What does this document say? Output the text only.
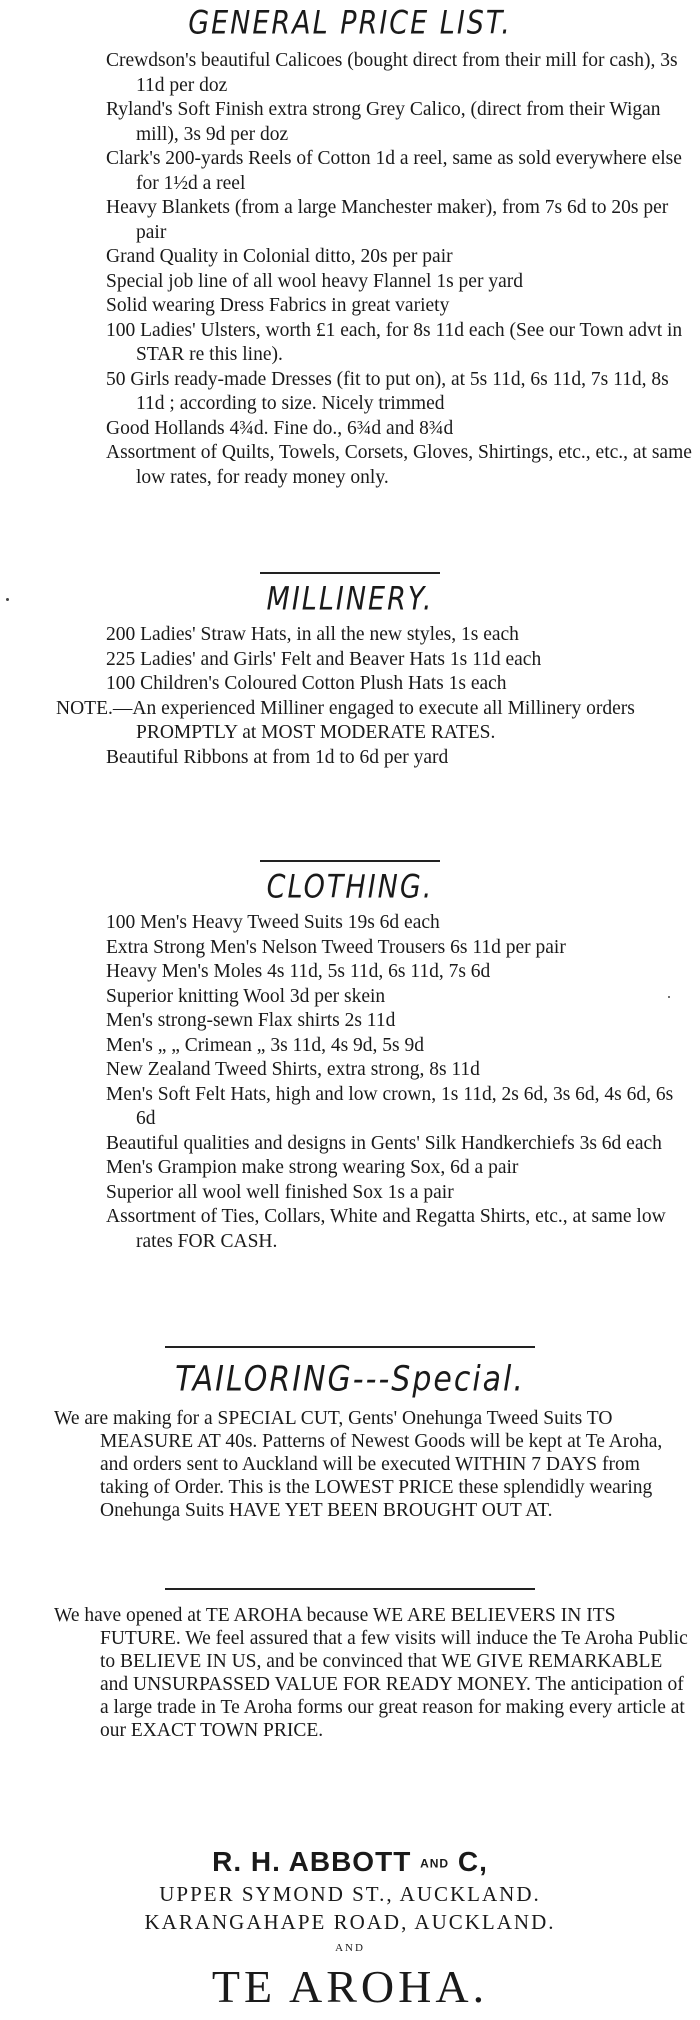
GENERAL PRICE LIST.

Crewdson's beautiful Calicoes (bought direct from their mill for cash), 3s 11d per doz

Ryland's Soft Finish extra strong Grey Calico, (direct from their Wigan mill), 3s 9d per doz

Clark's 200-yards Reels of Cotton 1d a reel, same as sold everywhere else for 1½d a reel

Heavy Blankets (from a large Manchester maker), from 7s 6d to 20s per pair

Grand Quality in Colonial ditto, 20s per pair

Special job line of all wool heavy Flannel 1s per yard

Solid wearing Dress Fabrics in great variety

100 Ladies' Ulsters, worth £1 each, for 8s 11d each (See our Town advt in STAR re this line).

50 Girls ready-made Dresses (fit to put on), at 5s 11d, 6s 11d, 7s 11d, 8s 11d ; according to size. Nicely trimmed

Good Hollands 4¾d. Fine do., 6¾d and 8¾d

Assortment of Quilts, Towels, Corsets, Gloves, Shirtings, etc., etc., at same low rates, for ready money only.

MILLINERY.

200 Ladies' Straw Hats, in all the new styles, 1s each

225 Ladies' and Girls' Felt and Beaver Hats 1s 11d each

100 Children's Coloured Cotton Plush Hats 1s each

NOTE.—An experienced Milliner engaged to execute all Millinery orders PROMPTLY at MOST MODERATE RATES.

Beautiful Ribbons at from 1d to 6d per yard

CLOTHING.

100 Men's Heavy Tweed Suits 19s 6d each

Extra Strong Men's Nelson Tweed Trousers 6s 11d per pair

Heavy Men's Moles 4s 11d, 5s 11d, 6s 11d, 7s 6d

Superior knitting Wool 3d per skein

Men's strong-sewn Flax shirts 2s 11d

Men's „ „ Crimean „ 3s 11d, 4s 9d, 5s 9d

New Zealand Tweed Shirts, extra strong, 8s 11d

Men's Soft Felt Hats, high and low crown, 1s 11d, 2s 6d, 3s 6d, 4s 6d, 6s 6d

Beautiful qualities and designs in Gents' Silk Handkerchiefs 3s 6d each

Men's Grampion make strong wearing Sox, 6d a pair

Superior all wool well finished Sox 1s a pair

Assortment of Ties, Collars, White and Regatta Shirts, etc., at same low rates FOR CASH.

TAILORING---Special.

We are making for a SPECIAL CUT, Gents' Onehunga Tweed Suits TO MEASURE AT 40s. Patterns of Newest Goods will be kept at Te Aroha, and orders sent to Auckland will be executed WITHIN 7 DAYS from taking of Order. This is the LOWEST PRICE these splendidly wearing Onehunga Suits HAVE YET BEEN BROUGHT OUT AT.

We have opened at TE AROHA because WE ARE BELIEVERS IN ITS FUTURE. We feel assured that a few visits will induce the Te Aroha Public to BELIEVE IN US, and be convinced that WE GIVE REMARKABLE and UNSURPASSED VALUE FOR READY MONEY. The anticipation of a large trade in Te Aroha forms our great reason for making every article at our EXACT TOWN PRICE.

R. H. ABBOTT AND C,
UPPER SYMOND ST., AUCKLAND.
KARANGAHAPE ROAD, AUCKLAND.
AND
TE AROHA.
